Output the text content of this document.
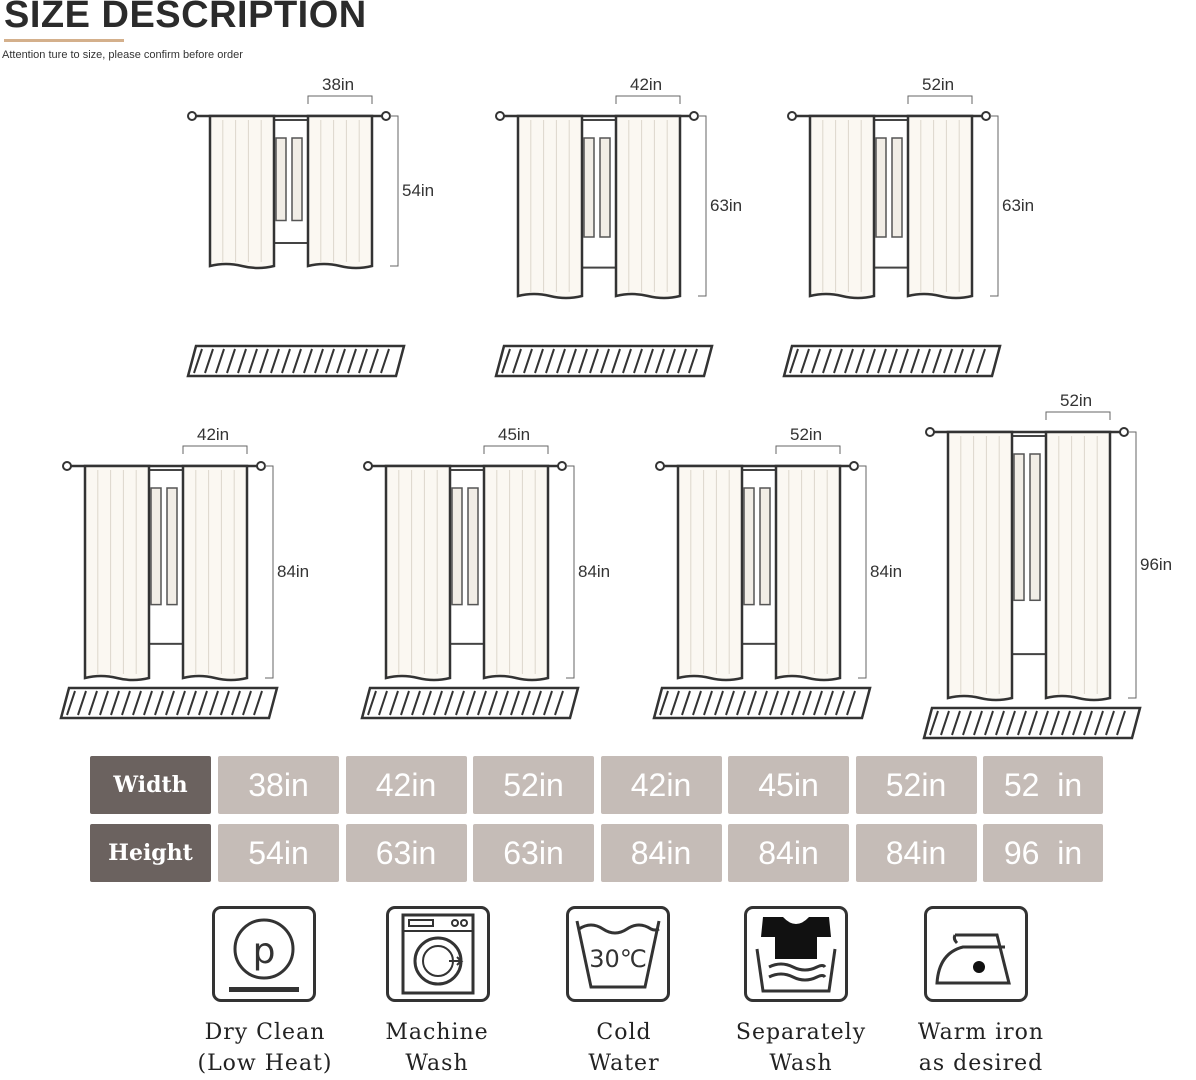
SIZE DESCRIPTION
Attention ture to size, please confirm before order
38in
54in
42in
63in
52in
63in
42in
84in
45in
84in
52in
84in
52in
96in
Width	38in	42in	52in	42in	45in	52in	52  in
Height	54in	63in	63in	84in	84in	84in	96  in
p	30℃
Dry Clean
(Low Heat)
Machine
Wash
Cold
Water
Separately
Wash
Warm iron
as desired
